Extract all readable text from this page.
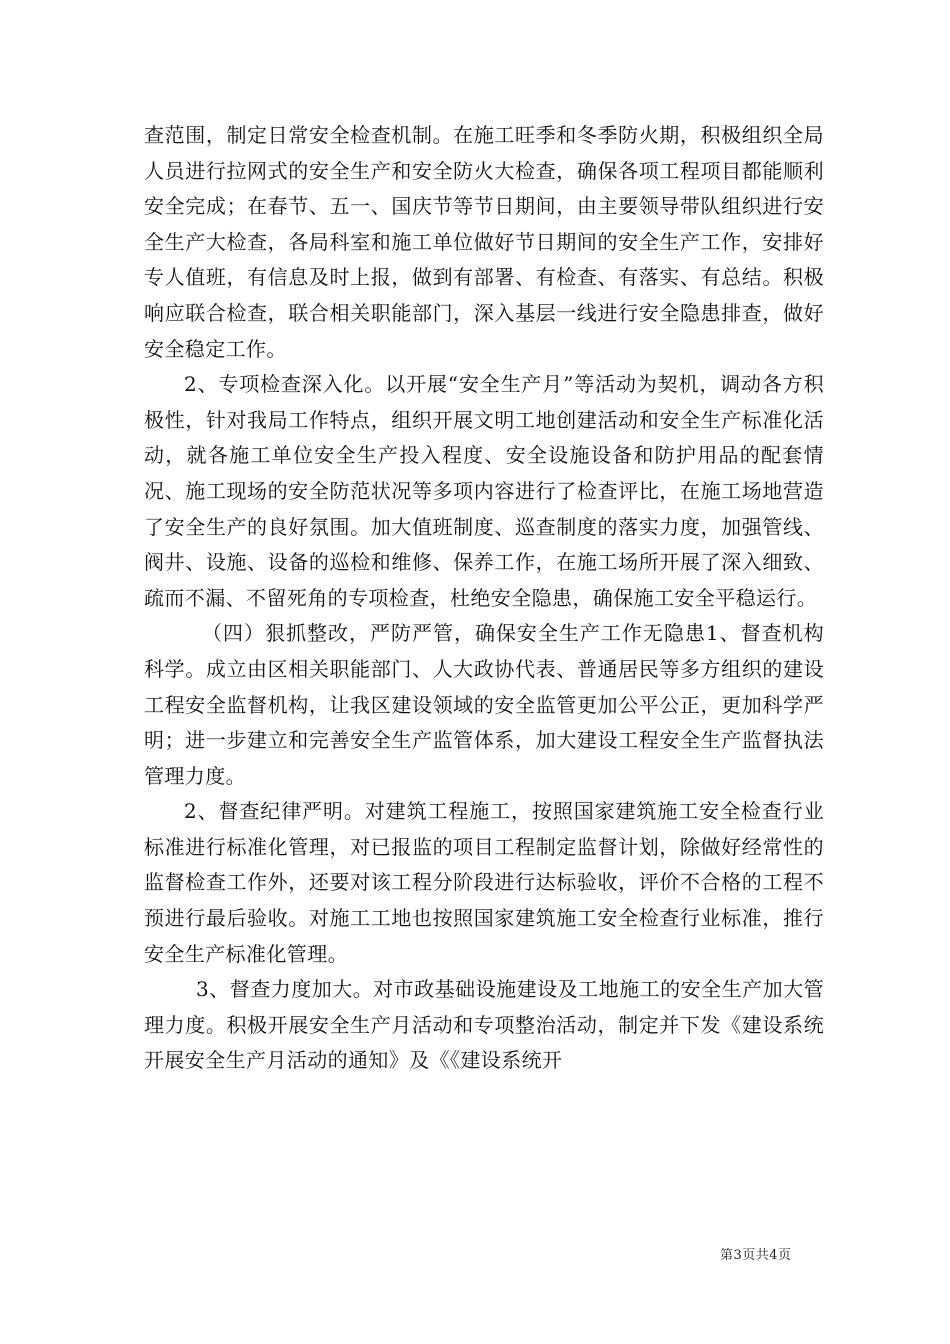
查范围，制定日常安全检查机制。在施工旺季和冬季防火期，积极组织全局人员进行拉网式的安全生产和安全防火大检查，确保各项工程项目都能顺利安全完成；在春节、五一、国庆节等节日期间，由主要领导带队组织进行安全生产大检查，各局科室和施工单位做好节日期间的安全生产工作，安排好专人值班，有信息及时上报，做到有部署、有检查、有落实、有总结。积极响应联合检查，联合相关职能部门，深入基层一线进行安全隐患排查，做好安全稳定工作。

2、专项检查深入化。以开展“安全生产月”等活动为契机，调动各方积极性，针对我局工作特点，组织开展文明工地创建活动和安全生产标准化活动，就各施工单位安全生产投入程度、安全设施设备和防护用品的配套情况、施工现场的安全防范状况等多项内容进行了检查评比，在施工场地营造了安全生产的良好氛围。加大值班制度、巡查制度的落实力度，加强管线、阀井、设施、设备的巡检和维修、保养工作，在施工场所开展了深入细致、疏而不漏、不留死角的专项检查，杜绝安全隐患，确保施工安全平稳运行。

（四）狠抓整改，严防严管，确保安全生产工作无隐患1、督查机构科学。成立由区相关职能部门、人大政协代表、普通居民等多方组织的建设工程安全监督机构，让我区建设领域的安全监管更加公平公正，更加科学严明；进一步建立和完善安全生产监管体系，加大建设工程安全生产监督执法管理力度。

2、督查纪律严明。对建筑工程施工，按照国家建筑施工安全检查行业标准进行标准化管理，对已报监的项目工程制定监督计划，除做好经常性的监督检查工作外，还要对该工程分阶段进行达标验收，评价不合格的工程不预进行最后验收。对施工工地也按照国家建筑施工安全检查行业标准，推行安全生产标准化管理。

3、督查力度加大。对市政基础设施建设及工地施工的安全生产加大管理力度。积极开展安全生产月活动和专项整治活动，制定并下发《建设系统开展安全生产月活动的通知》及《《建设系统开

第3页共4页
